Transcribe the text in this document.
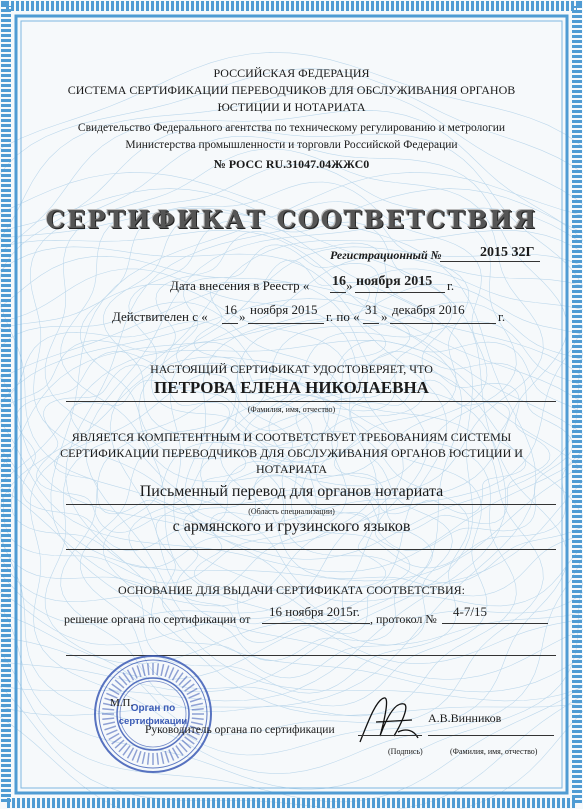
РОССИЙСКАЯ ФЕДЕРАЦИЯ
СИСТЕМА СЕРТИФИКАЦИИ ПЕРЕВОДЧИКОВ ДЛЯ ОБСЛУЖИВАНИЯ ОРГАНОВ
ЮСТИЦИИ И НОТАРИАТА
Свидетельство Федерального агентства по техническому регулированию и метрологии
Министерства промышленности и торговли Российской Федерации
№ РОСС RU.31047.04ЖЖС0
СЕРТИФИКАТ СООТВЕТСТВИЯ
Регистрационный №	2015 32Г
Дата внесения в Реестр « 16 » ноября 2015 г.
Действителен с « 16 » ноября 2015 г. по « 31 » декабря 2016	г.
НАСТОЯЩИЙ СЕРТИФИКАТ УДОСТОВЕРЯЕТ, ЧТО
ПЕТРОВА ЕЛЕНА НИКОЛАЕВНА
(Фамилия, имя, отчество)
ЯВЛЯЕТСЯ КОМПЕТЕНТНЫМ И СООТВЕТСТВУЕТ ТРЕБОВАНИЯМ СИСТЕМЫ
СЕРТИФИКАЦИИ ПЕРЕВОДЧИКОВ ДЛЯ ОБСЛУЖИВАНИЯ ОРГАНОВ ЮСТИЦИИ И
НОТАРИАТА
Письменный перевод для органов нотариата
(Область специализации)
с армянского и грузинского языков
ОСНОВАНИЕ ДЛЯ ВЫДАЧИ СЕРТИФИКАТА СООТВЕТСТВИЯ:
решение органа по сертификации от 16 ноября 2015г. , протокол № 4-7/15
Орган по
сертификации
М.П.
Руководитель органа по сертификации
А.В.Винников
(Подпись)	(Фамилия, имя, отчество)
